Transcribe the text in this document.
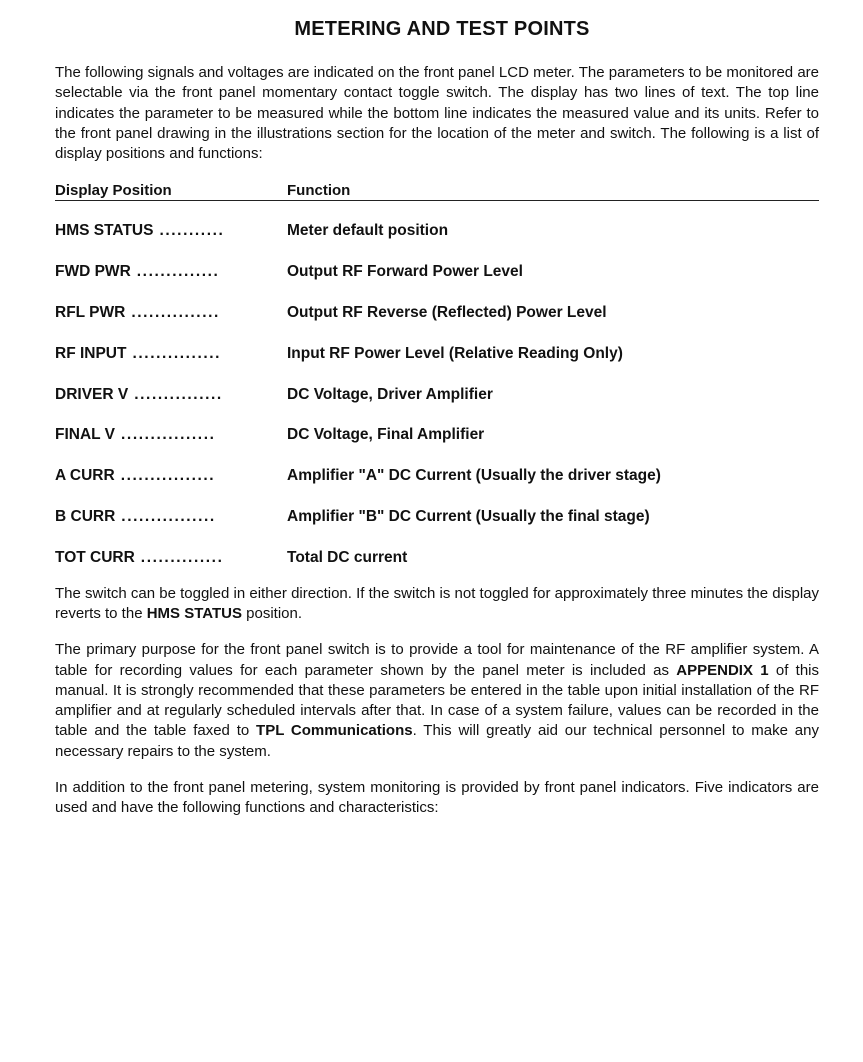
METERING AND TEST POINTS

The following signals and voltages are indicated on the front panel LCD meter. The parameters to be monitored are selectable via the front panel momentary contact toggle switch. The display has two lines of text. The top line indicates the parameter to be measured while the bottom line indicates the measured value and its units. Refer to the front panel drawing in the illustrations section for the location of the meter and switch. The following is a list of display positions and functions:

Display Position	Function
HMS STATUS ...........	Meter default position
FWD PWR ..............	Output RF Forward Power Level
RFL PWR ...............	Output RF Reverse (Reflected) Power Level
RF INPUT ...............	Input RF Power Level (Relative Reading Only)
DRIVER V ...............	DC Voltage, Driver Amplifier
FINAL V ................	DC Voltage, Final Amplifier
A CURR ................	Amplifier "A" DC Current (Usually the driver stage)
B CURR ................	Amplifier "B" DC Current (Usually the final stage)
TOT CURR ..............	Total DC current

The switch can be toggled in either direction. If the switch is not toggled for approximately three minutes the display reverts to the HMS STATUS position.

The primary purpose for the front panel switch is to provide a tool for maintenance of the RF amplifier system. A table for recording values for each parameter shown by the panel meter is included as APPENDIX 1 of this manual. It is strongly recommended that these parameters be entered in the table upon initial installation of the RF amplifier and at regularly scheduled intervals after that. In case of a system failure, values can be recorded in the table and the table faxed to TPL Communications. This will greatly aid our technical personnel to make any necessary repairs to the system.

In addition to the front panel metering, system monitoring is provided by front panel indicators. Five indicators are used and have the following functions and characteristics:
